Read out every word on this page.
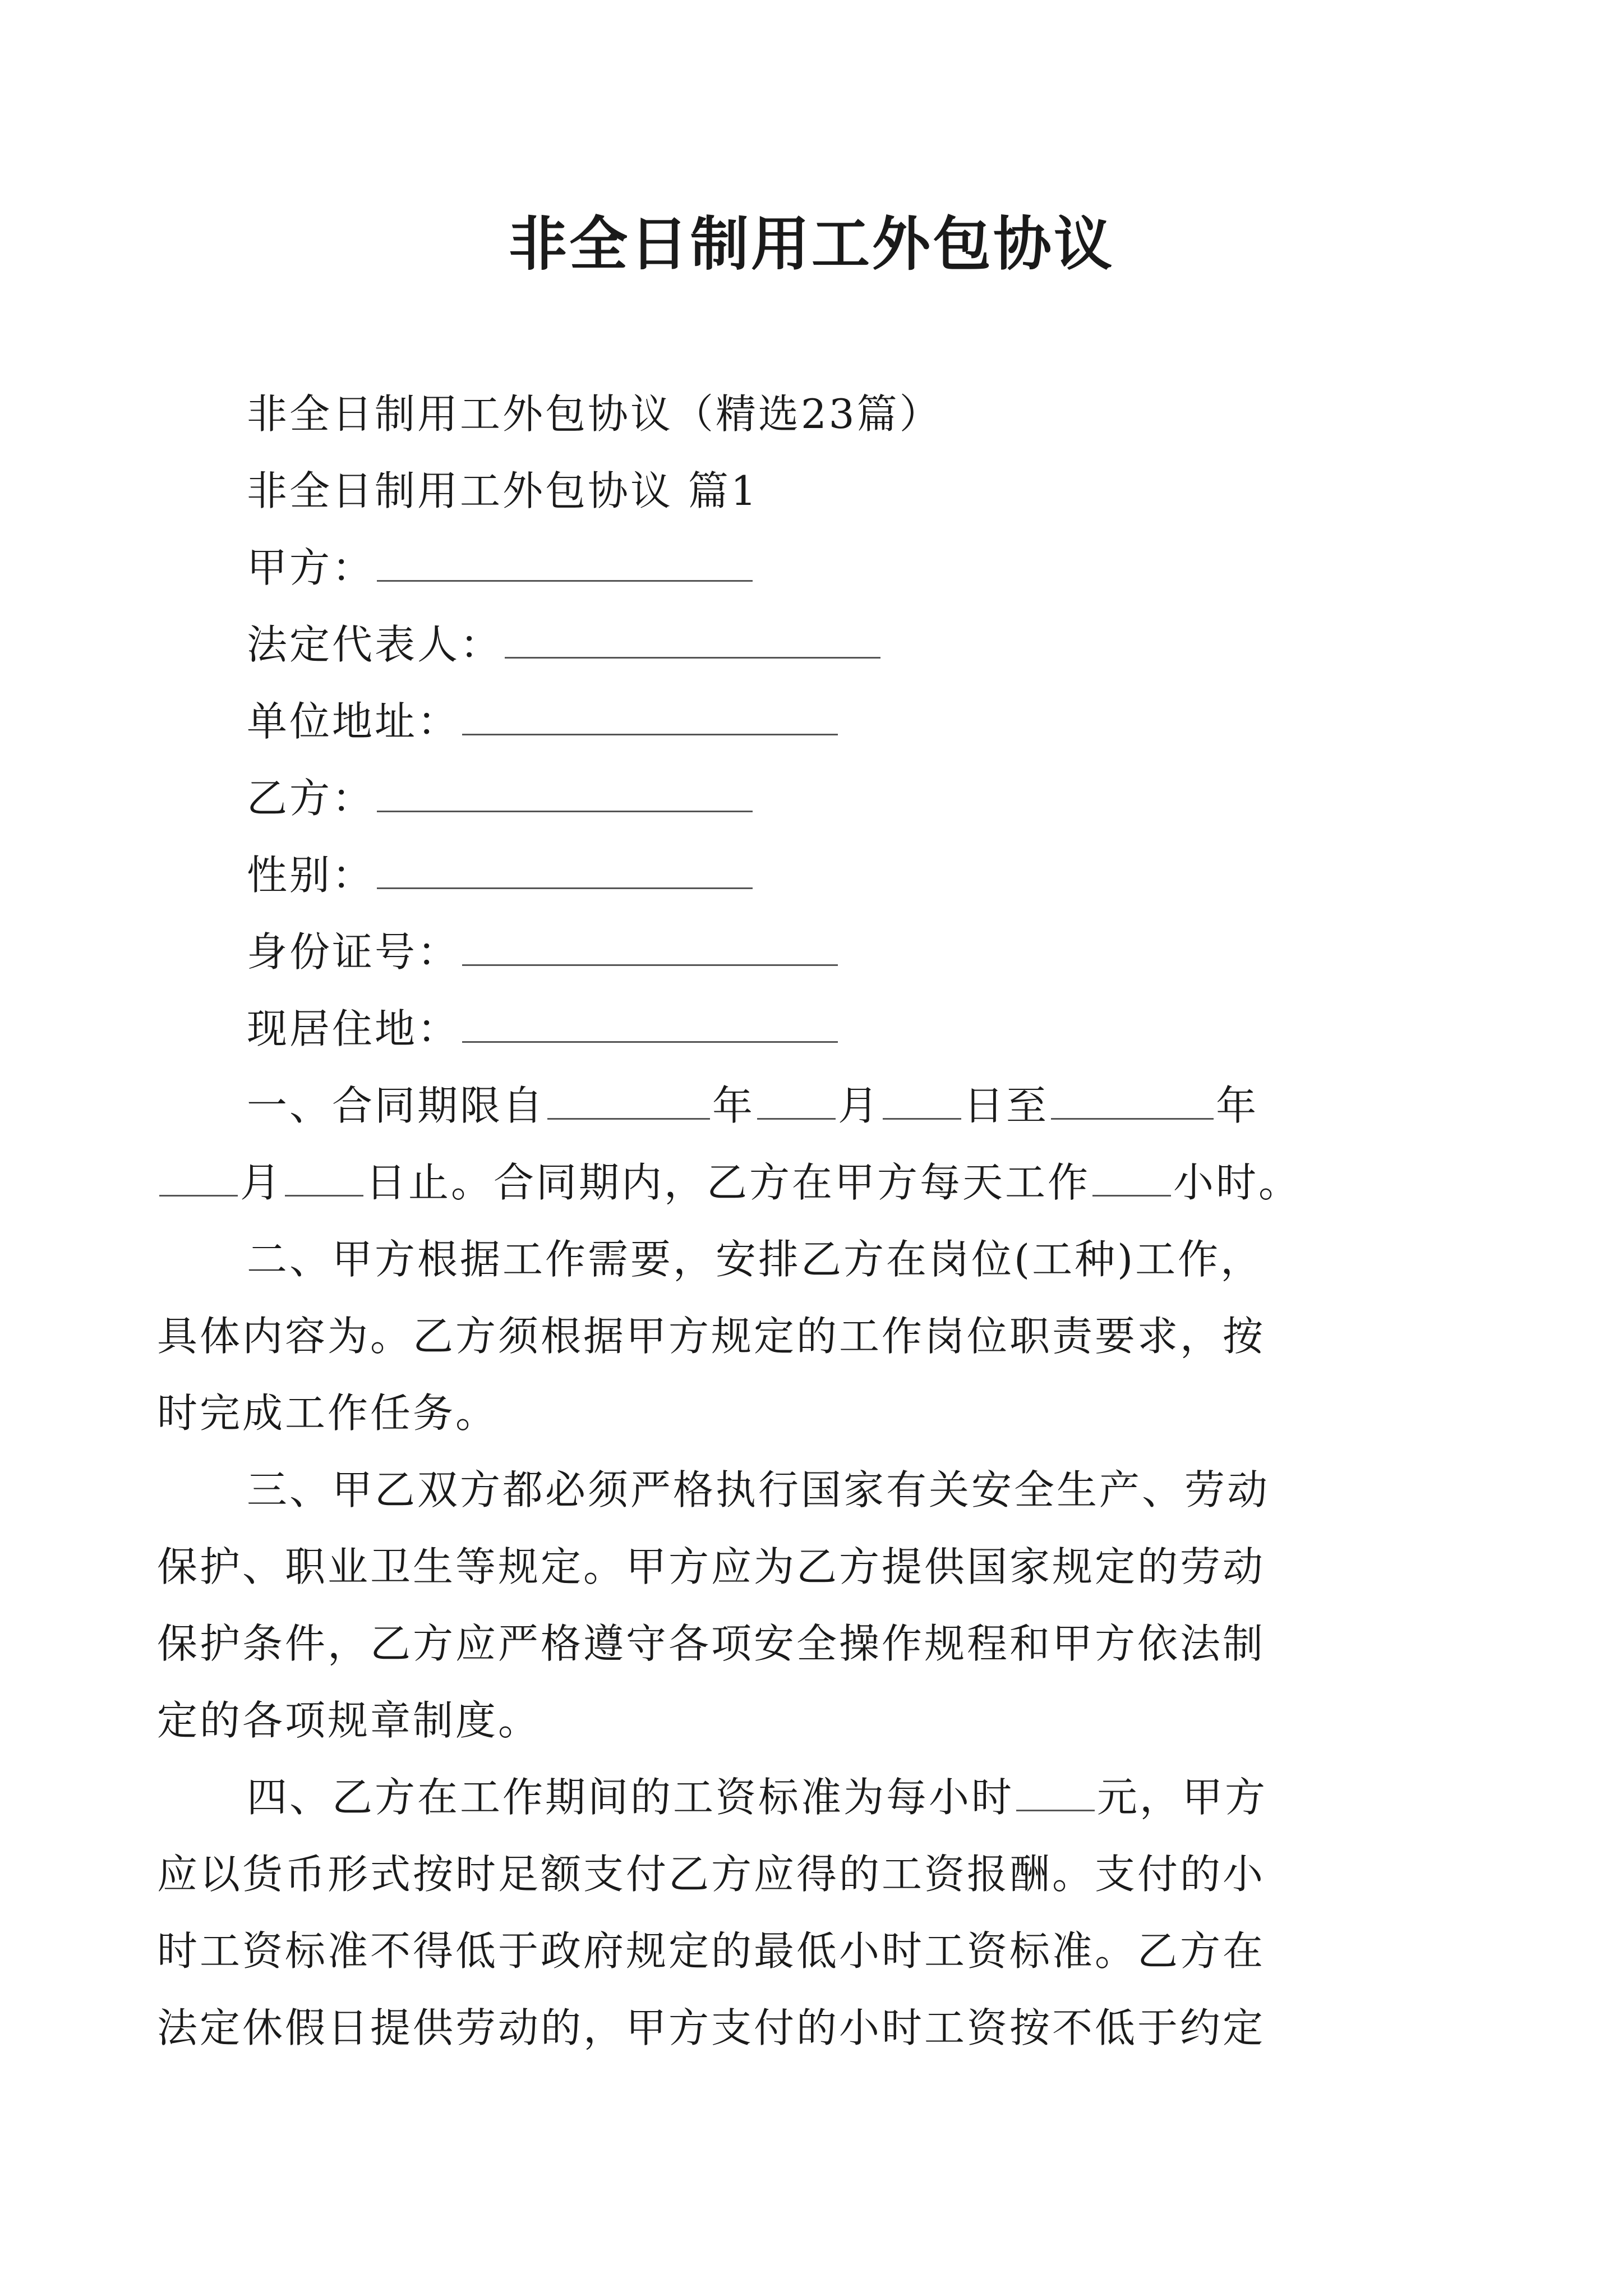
非全日制用工外包协议
非全日制用工外包协议（精选23篇）
非全日制用工外包协议 篇1
甲方：
法定代表人：
单位地址：
乙方：
性别：
身份证号：
现居住地：
一、合同期限自	年 月 日至	年
月 日止。合同期内，乙方在甲方每天工作 小时。
二、甲方根据工作需要，安排乙方在岗位(工种)工作，
具体内容为。乙方须根据甲方规定的工作岗位职责要求，按
时完成工作任务。
三、甲乙双方都必须严格执行国家有关安全生产、劳动
保护、职业卫生等规定。甲方应为乙方提供国家规定的劳动
保护条件，乙方应严格遵守各项安全操作规程和甲方依法制
定的各项规章制度。
四、乙方在工作期间的工资标准为每小时 元，甲方
应以货币形式按时足额支付乙方应得的工资报酬。支付的小
时工资标准不得低于政府规定的最低小时工资标准。乙方在
法定休假日提供劳动的，甲方支付的小时工资按不低于约定
